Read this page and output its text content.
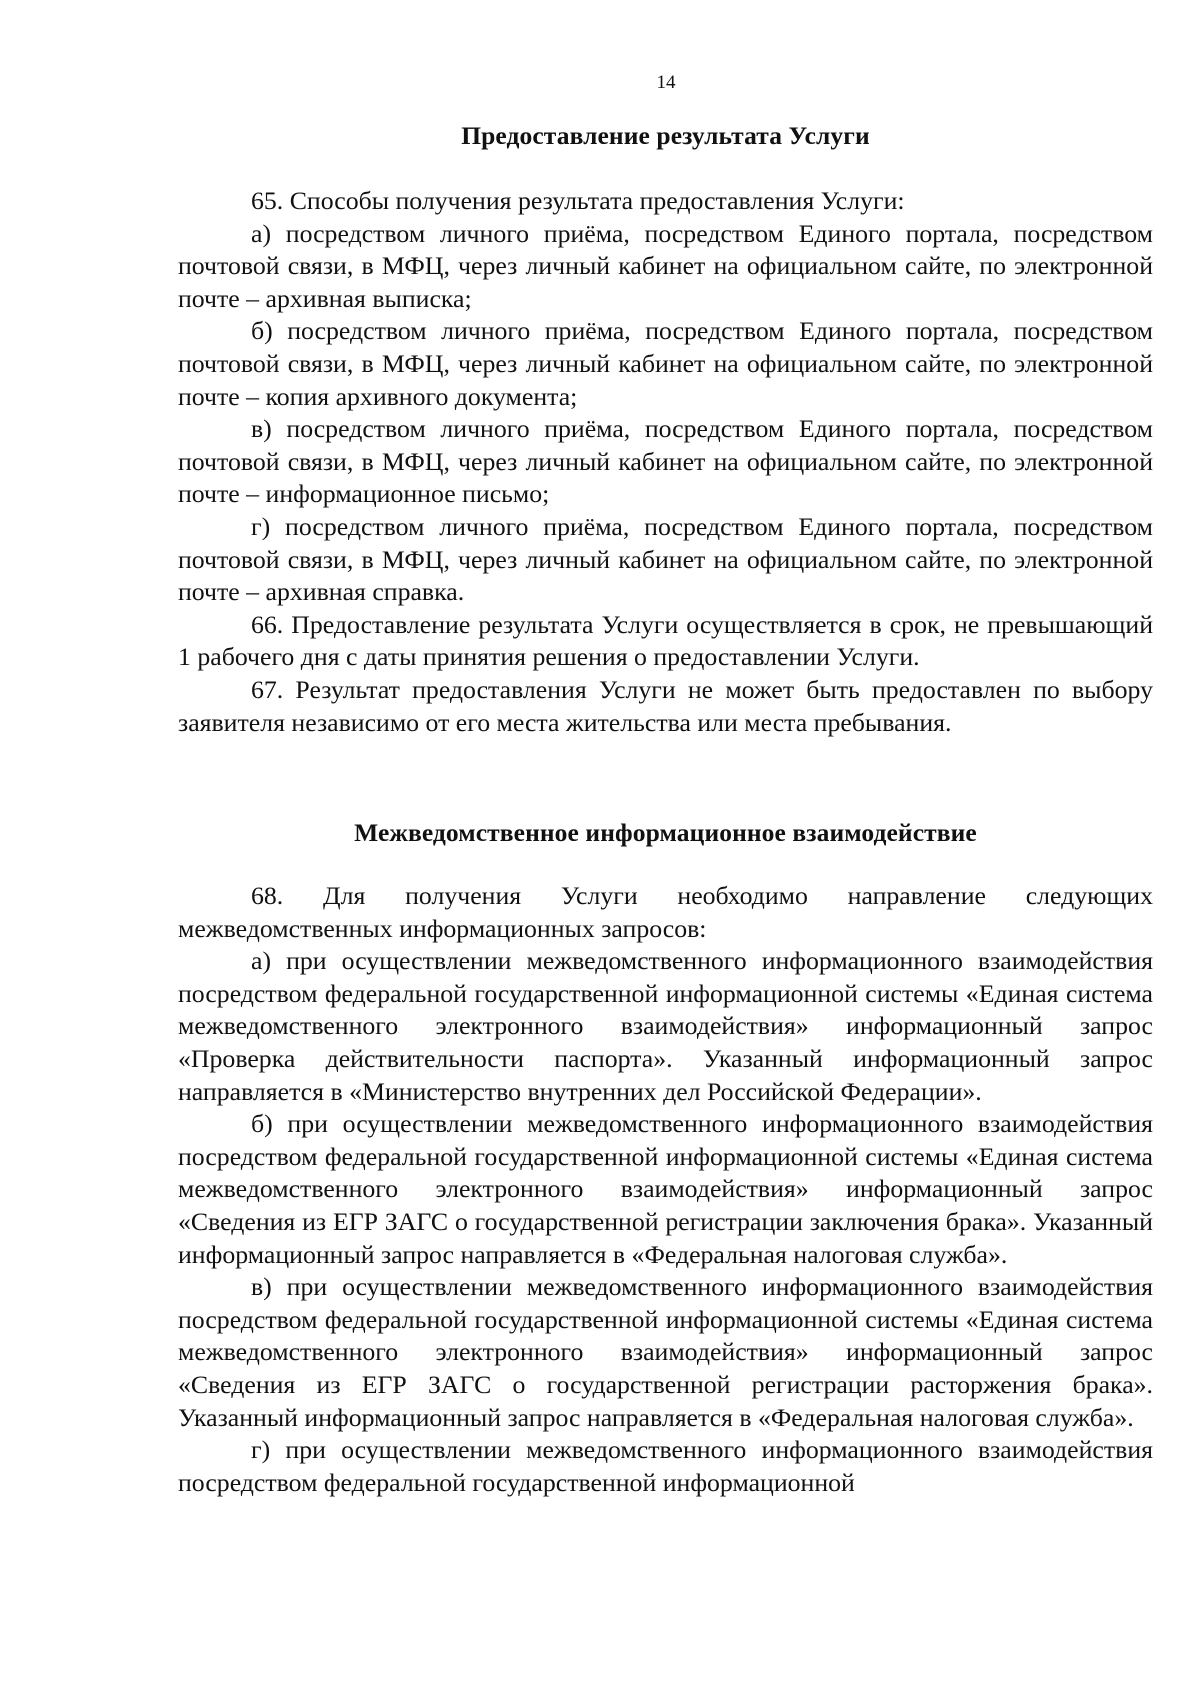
14
Предоставление результата Услуги

65. Способы получения результата предоставления Услуги:

а) посредством личного приёма, посредством Единого портала, посредством почтовой связи, в МФЦ, через личный кабинет на официальном сайте, по электронной почте – архивная выписка;

б) посредством личного приёма, посредством Единого портала, посредством почтовой связи, в МФЦ, через личный кабинет на официальном сайте, по электронной почте – копия архивного документа;

в) посредством личного приёма, посредством Единого портала, посредством почтовой связи, в МФЦ, через личный кабинет на официальном сайте, по электронной почте – информационное письмо;

г) посредством личного приёма, посредством Единого портала, посредством почтовой связи, в МФЦ, через личный кабинет на официальном сайте, по электронной почте – архивная справка.

66. Предоставление результата Услуги осуществляется в срок, не превышающий 1 рабочего дня с даты принятия решения о предоставлении Услуги.

67. Результат предоставления Услуги не может быть предоставлен по выбору заявителя независимо от его места жительства или места пребывания.

Межведомственное информационное взаимодействие

68. Для получения Услуги необходимо направление следующих межведомственных информационных запросов:

а) при осуществлении межведомственного информационного взаимодействия посредством федеральной государственной информационной системы «Единая система межведомственного электронного взаимодействия» информационный запрос «Проверка действительности паспорта». Указанный информационный запрос направляется в «Министерство внутренних дел Российской Федерации».

б) при осуществлении межведомственного информационного взаимодействия посредством федеральной государственной информационной системы «Единая система межведомственного электронного взаимодействия» информационный запрос «Сведения из ЕГР ЗАГС о государственной регистрации заключения брака». Указанный информационный запрос направляется в «Федеральная налоговая служба».

в) при осуществлении межведомственного информационного взаимодействия посредством федеральной государственной информационной системы «Единая система межведомственного электронного взаимодействия» информационный запрос «Сведения из ЕГР ЗАГС о государственной регистрации расторжения брака». Указанный информационный запрос направляется в «Федеральная налоговая служба».

г) при осуществлении межведомственного информационного взаимодействия посредством федеральной государственной информационной
